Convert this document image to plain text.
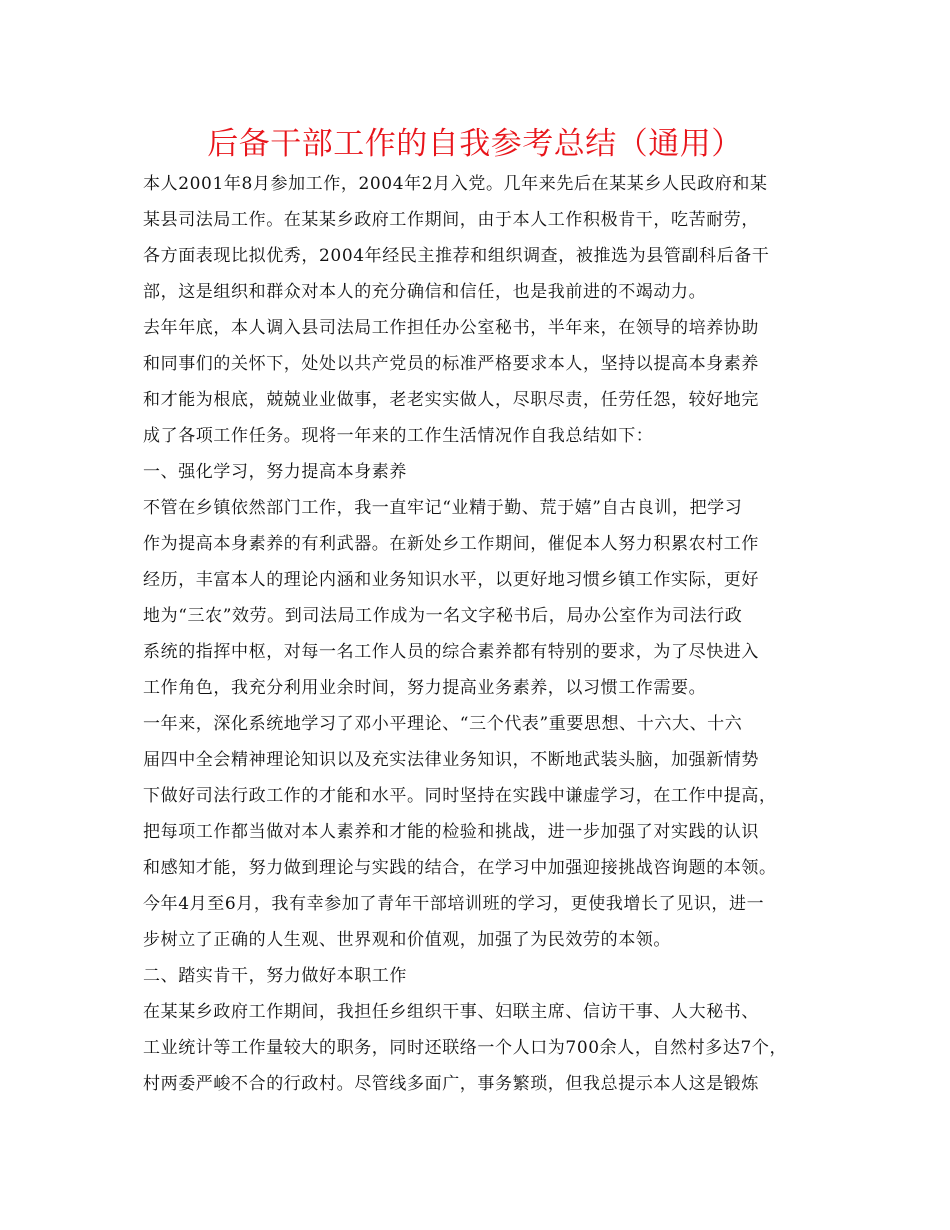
后备干部工作的自我参考总结（通用）
本人2001年8月参加工作，2004年2月入党。几年来先后在某某乡人民政府和某
某县司法局工作。在某某乡政府工作期间，由于本人工作积极肯干，吃苦耐劳，
各方面表现比拟优秀，2004年经民主推荐和组织调查，被推选为县管副科后备干
部，这是组织和群众对本人的充分确信和信任，也是我前进的不竭动力。
去年年底，本人调入县司法局工作担任办公室秘书，半年来，在领导的培养协助
和同事们的关怀下，处处以共产党员的标准严格要求本人，坚持以提高本身素养
和才能为根底，兢兢业业做事，老老实实做人，尽职尽责，任劳任怨，较好地完
成了各项工作任务。现将一年来的工作生活情况作自我总结如下：
一、强化学习，努力提高本身素养
不管在乡镇依然部门工作，我一直牢记“业精于勤、荒于嬉”自古良训，把学习
作为提高本身素养的有利武器。在新处乡工作期间，催促本人努力积累农村工作
经历，丰富本人的理论内涵和业务知识水平，以更好地习惯乡镇工作实际，更好
地为“三农”效劳。到司法局工作成为一名文字秘书后，局办公室作为司法行政
系统的指挥中枢，对每一名工作人员的综合素养都有特别的要求，为了尽快进入
工作角色，我充分利用业余时间，努力提高业务素养，以习惯工作需要。
一年来，深化系统地学习了邓小平理论、“三个代表”重要思想、十六大、十六
届四中全会精神理论知识以及充实法律业务知识，不断地武装头脑，加强新情势
下做好司法行政工作的才能和水平。同时坚持在实践中谦虚学习，在工作中提高，
把每项工作都当做对本人素养和才能的检验和挑战，进一步加强了对实践的认识
和感知才能，努力做到理论与实践的结合，在学习中加强迎接挑战咨询题的本领。
今年4月至6月，我有幸参加了青年干部培训班的学习，更使我增长了见识，进一
步树立了正确的人生观、世界观和价值观，加强了为民效劳的本领。
二、踏实肯干，努力做好本职工作
在某某乡政府工作期间，我担任乡组织干事、妇联主席、信访干事、人大秘书、
工业统计等工作量较大的职务，同时还联络一个人口为700余人，自然村多达7个，
村两委严峻不合的行政村。尽管线多面广，事务繁琐，但我总提示本人这是锻炼
